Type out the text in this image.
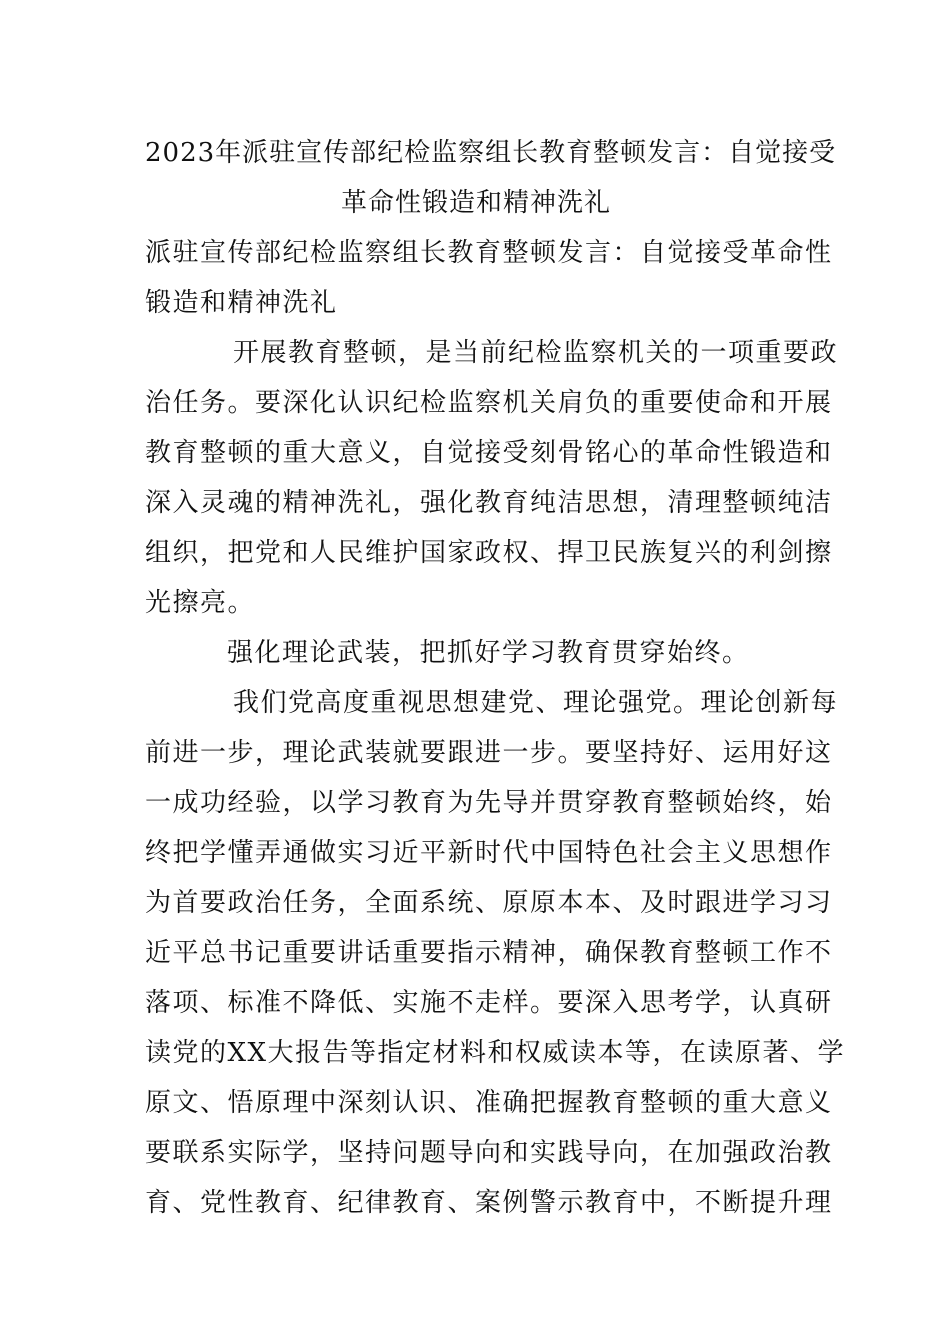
2023年派驻宣传部纪检监察组长教育整顿发言：自觉接受
革命性锻造和精神洗礼
派驻宣传部纪检监察组长教育整顿发言：自觉接受革命性
锻造和精神洗礼
开展教育整顿，是当前纪检监察机关的一项重要政
治任务。要深化认识纪检监察机关肩负的重要使命和开展
教育整顿的重大意义，自觉接受刻骨铭心的革命性锻造和
深入灵魂的精神洗礼，强化教育纯洁思想，清理整顿纯洁
组织，把党和人民维护国家政权、捍卫民族复兴的利剑擦
光擦亮。
强化理论武装，把抓好学习教育贯穿始终。
我们党高度重视思想建党、理论强党。理论创新每
前进一步，理论武装就要跟进一步。要坚持好、运用好这
一成功经验，以学习教育为先导并贯穿教育整顿始终，始
终把学懂弄通做实习近平新时代中国特色社会主义思想作
为首要政治任务，全面系统、原原本本、及时跟进学习习
近平总书记重要讲话重要指示精神，确保教育整顿工作不
落项、标准不降低、实施不走样。要深入思考学，认真研
读党的XX大报告等指定材料和权威读本等，在读原著、学
原文、悟原理中深刻认识、准确把握教育整顿的重大意义
要联系实际学，坚持问题导向和实践导向，在加强政治教
育、党性教育、纪律教育、案例警示教育中，不断提升理
